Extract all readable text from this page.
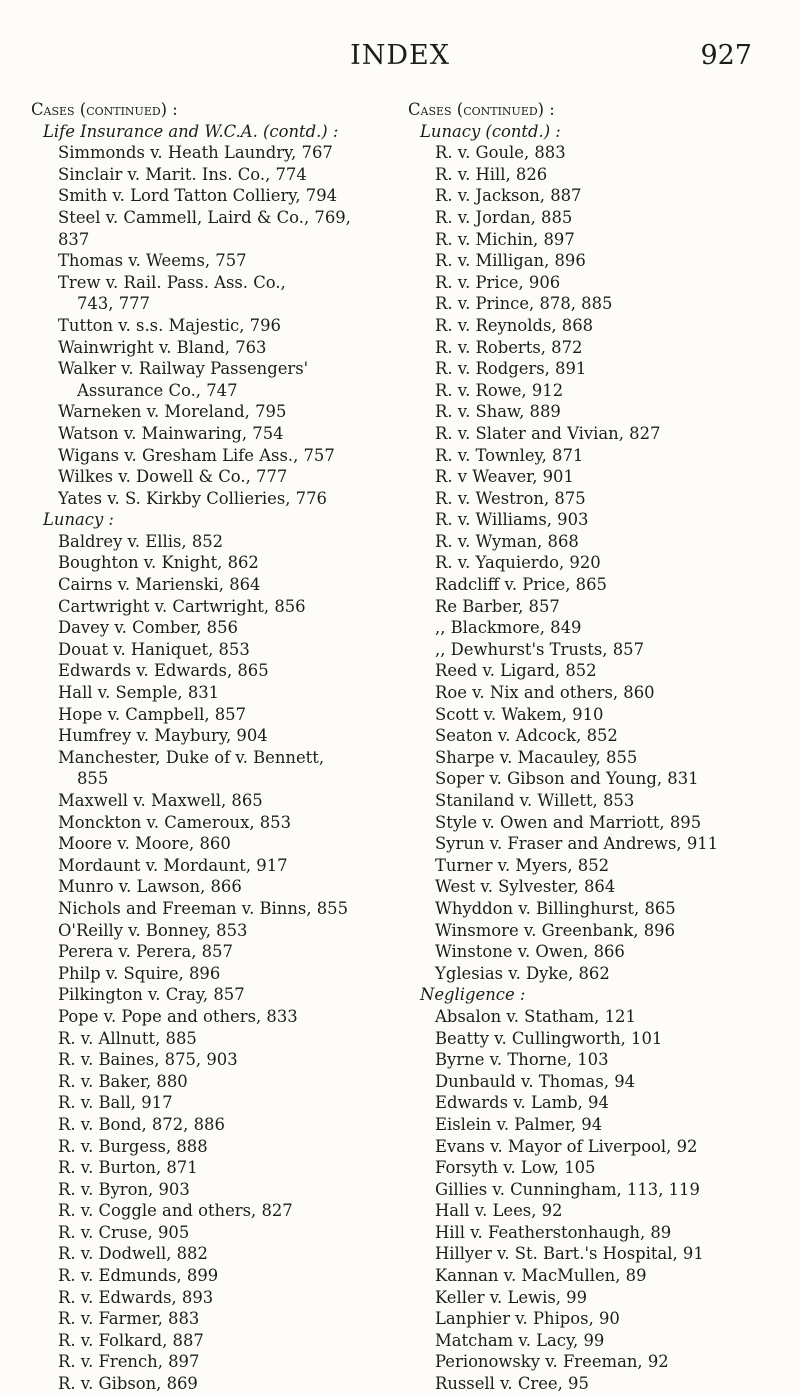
INDEX	927
Cases (continued) :
Life Insurance and W.C.A. (contd.) :
Simmonds v. Heath Laundry, 767
Sinclair v. Marit. Ins. Co., 774
Smith v. Lord Tatton Colliery, 794
Steel v. Cammell, Laird & Co., 769,
837
Thomas v. Weems, 757
Trew v. Rail. Pass. Ass. Co.,
743, 777
Tutton v. s.s. Majestic, 796
Wainwright v. Bland, 763
Walker v. Railway Passengers'
Assurance Co., 747
Warneken v. Moreland, 795
Watson v. Mainwaring, 754
Wigans v. Gresham Life Ass., 757
Wilkes v. Dowell & Co., 777
Yates v. S. Kirkby Collieries, 776
Lunacy :
Baldrey v. Ellis, 852
Boughton v. Knight, 862
Cairns v. Marienski, 864
Cartwright v. Cartwright, 856
Davey v. Comber, 856
Douat v. Haniquet, 853
Edwards v. Edwards, 865
Hall v. Semple, 831
Hope v. Campbell, 857
Humfrey v. Maybury, 904
Manchester, Duke of v. Bennett,
855
Maxwell v. Maxwell, 865
Monckton v. Cameroux, 853
Moore v. Moore, 860
Mordaunt v. Mordaunt, 917
Munro v. Lawson, 866
Nichols and Freeman v. Binns, 855
O'Reilly v. Bonney, 853
Perera v. Perera, 857
Philp v. Squire, 896
Pilkington v. Cray, 857
Pope v. Pope and others, 833
R. v. Allnutt, 885
R. v. Baines, 875, 903
R. v. Baker, 880
R. v. Ball, 917
R. v. Bond, 872, 886
R. v. Burgess, 888
R. v. Burton, 871
R. v. Byron, 903
R. v. Coggle and others, 827
R. v. Cruse, 905
R. v. Dodwell, 882
R. v. Edmunds, 899
R. v. Edwards, 893
R. v. Farmer, 883
R. v. Folkard, 887
R. v. French, 897
R. v. Gibson, 869
Cases (continued) :
Lunacy (contd.) :
R. v. Goule, 883
R. v. Hill, 826
R. v. Jackson, 887
R. v. Jordan, 885
R. v. Michin, 897
R. v. Milligan, 896
R. v. Price, 906
R. v. Prince, 878, 885
R. v. Reynolds, 868
R. v. Roberts, 872
R. v. Rodgers, 891
R. v. Rowe, 912
R. v. Shaw, 889
R. v. Slater and Vivian, 827
R. v. Townley, 871
R. v Weaver, 901
R. v. Westron, 875
R. v. Williams, 903
R. v. Wyman, 868
R. v. Yaquierdo, 920
Radcliff v. Price, 865
Re Barber, 857
,, Blackmore, 849
,, Dewhurst's Trusts, 857
Reed v. Ligard, 852
Roe v. Nix and others, 860
Scott v. Wakem, 910
Seaton v. Adcock, 852
Sharpe v. Macauley, 855
Soper v. Gibson and Young, 831
Staniland v. Willett, 853
Style v. Owen and Marriott, 895
Syrun v. Fraser and Andrews, 911
Turner v. Myers, 852
West v. Sylvester, 864
Whyddon v. Billinghurst, 865
Winsmore v. Greenbank, 896
Winstone v. Owen, 866
Yglesias v. Dyke, 862
Negligence :
Absalon v. Statham, 121
Beatty v. Cullingworth, 101
Byrne v. Thorne, 103
Dunbauld v. Thomas, 94
Edwards v. Lamb, 94
Eislein v. Palmer, 94
Evans v. Mayor of Liverpool, 92
Forsyth v. Low, 105
Gillies v. Cunningham, 113, 119
Hall v. Lees, 92
Hill v. Featherstonhaugh, 89
Hillyer v. St. Bart.'s Hospital, 91
Kannan v. MacMullen, 89
Keller v. Lewis, 99
Lanphier v. Phipos, 90
Matcham v. Lacy, 99
Perionowsky v. Freeman, 92
Russell v. Cree, 95
